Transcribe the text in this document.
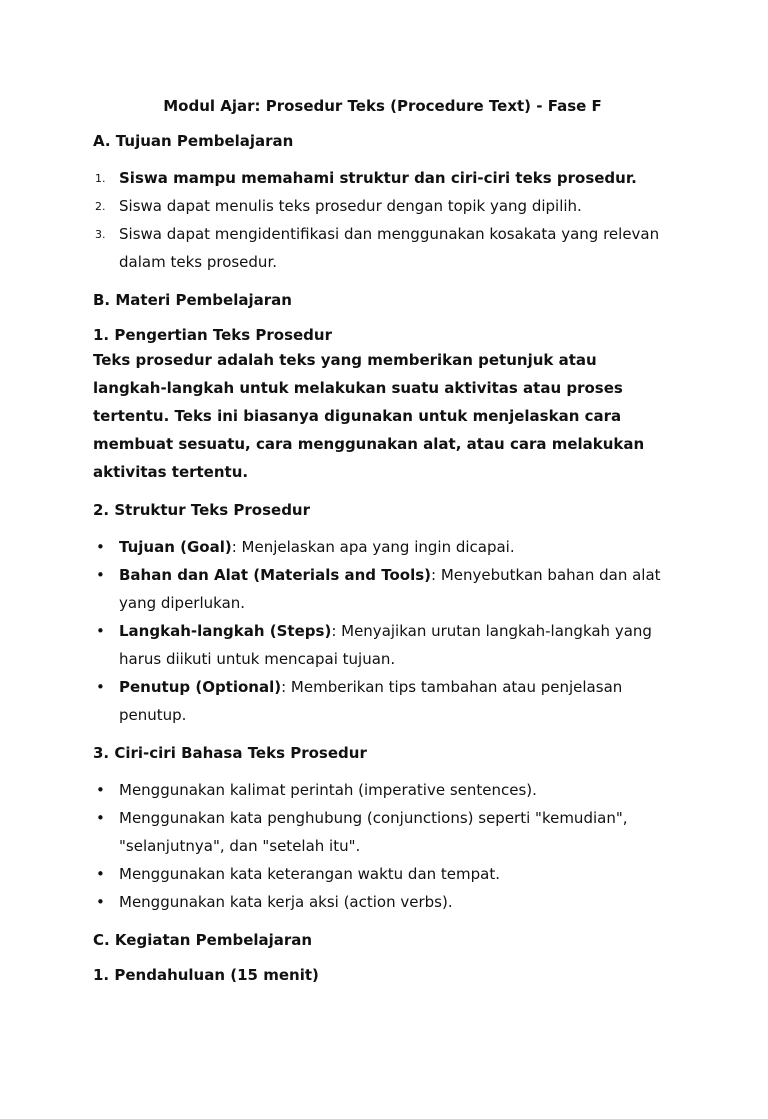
Modul Ajar: Prosedur Teks (Procedure Text) - Fase F
A. Tujuan Pembelajaran
1. Siswa mampu memahami struktur dan ciri-ciri teks prosedur.
2. Siswa dapat menulis teks prosedur dengan topik yang dipilih.
3. Siswa dapat mengidentifikasi dan menggunakan kosakata yang relevan dalam teks prosedur.
B. Materi Pembelajaran
1. Pengertian Teks Prosedur
Teks prosedur adalah teks yang memberikan petunjuk atau langkah-langkah untuk melakukan suatu aktivitas atau proses tertentu. Teks ini biasanya digunakan untuk menjelaskan cara membuat sesuatu, cara menggunakan alat, atau cara melakukan aktivitas tertentu.
2. Struktur Teks Prosedur
• Tujuan (Goal): Menjelaskan apa yang ingin dicapai.
• Bahan dan Alat (Materials and Tools): Menyebutkan bahan dan alat yang diperlukan.
• Langkah-langkah (Steps): Menyajikan urutan langkah-langkah yang harus diikuti untuk mencapai tujuan.
• Penutup (Optional): Memberikan tips tambahan atau penjelasan penutup.
3. Ciri-ciri Bahasa Teks Prosedur
• Menggunakan kalimat perintah (imperative sentences).
• Menggunakan kata penghubung (conjunctions) seperti "kemudian", "selanjutnya", dan "setelah itu".
• Menggunakan kata keterangan waktu dan tempat.
• Menggunakan kata kerja aksi (action verbs).
C. Kegiatan Pembelajaran
1. Pendahuluan (15 menit)
